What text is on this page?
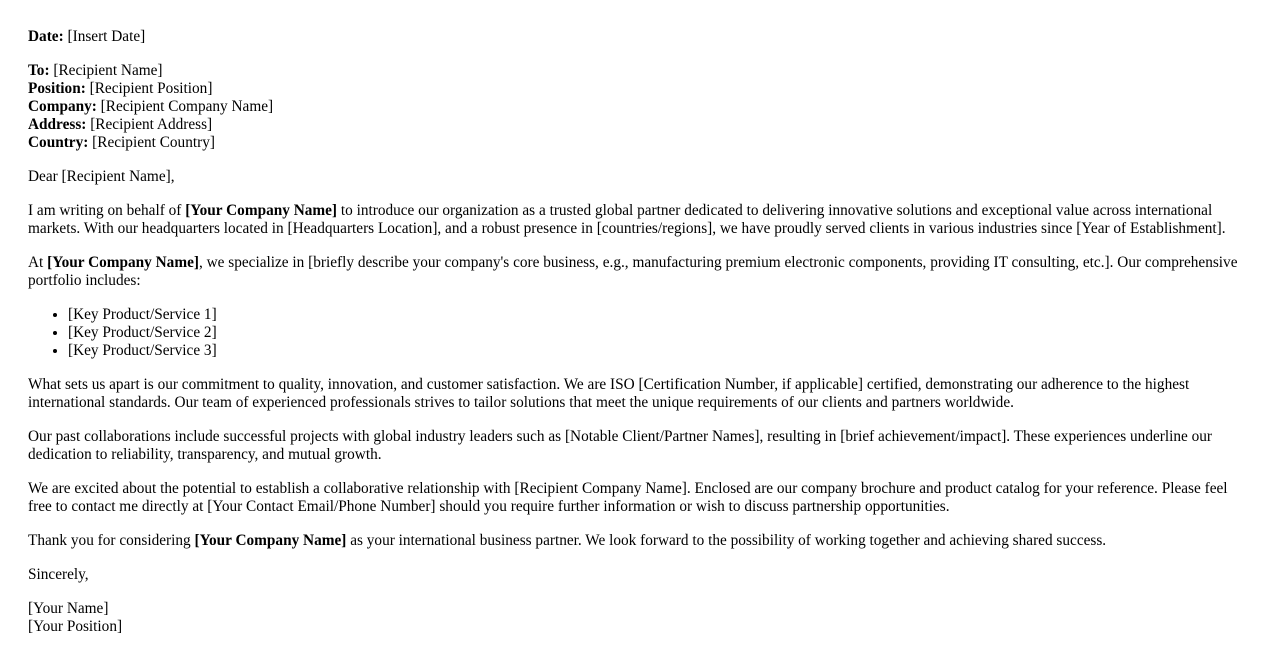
Date: [Insert Date]

To: [Recipient Name]

Position: [Recipient Position]

Company: [Recipient Company Name]

Address: [Recipient Address]

Country: [Recipient Country]

Dear [Recipient Name],

I am writing on behalf of [Your Company Name] to introduce our organization as a trusted global partner dedicated to delivering innovative solutions and exceptional value across international markets. With our headquarters located in [Headquarters Location], and a robust presence in [countries/regions], we have proudly served clients in various industries since [Year of Establishment].

At [Your Company Name], we specialize in [briefly describe your company's core business, e.g., manufacturing premium electronic components, providing IT consulting, etc.]. Our comprehensive portfolio includes:

• [Key Product/Service 1]
• [Key Product/Service 2]
• [Key Product/Service 3]

What sets us apart is our commitment to quality, innovation, and customer satisfaction. We are ISO [Certification Number, if applicable] certified, demonstrating our adherence to the highest international standards. Our team of experienced professionals strives to tailor solutions that meet the unique requirements of our clients and partners worldwide.

Our past collaborations include successful projects with global industry leaders such as [Notable Client/Partner Names], resulting in [brief achievement/impact]. These experiences underline our dedication to reliability, transparency, and mutual growth.

We are excited about the potential to establish a collaborative relationship with [Recipient Company Name]. Enclosed are our company brochure and product catalog for your reference. Please feel free to contact me directly at [Your Contact Email/Phone Number] should you require further information or wish to discuss partnership opportunities.

Thank you for considering [Your Company Name] as your international business partner. We look forward to the possibility of working together and achieving shared success.

Sincerely,

[Your Name]

[Your Position]
